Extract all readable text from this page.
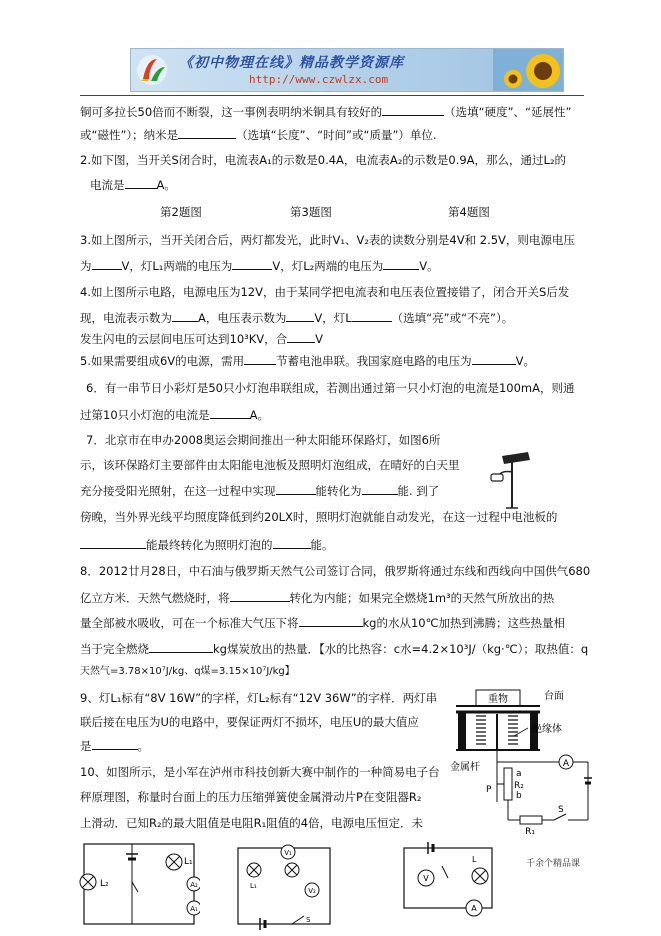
《初中物理在线》精品教学资源库
http://www.czwlzx.com
铜可多拉长50倍而不断裂，这一事例表明纳米铜具有较好的	（选填“硬度”、“延展性”
或“磁性”）；纳米是	（选填“长度”、“时间”或“质量”）单位.
2.如下图，当开关S闭合时，电流表A₁的示数是0.4A，电流表A₂的示数是0.9A，那么，通过L₂的
电流是	A。
第2题图	第3题图	第4题图
3.如上图所示，当开关闭合后，两灯都发光，此时V₁、V₂表的读数分别是4V和 2.5V，则电源电压
为	V，灯L₁两端的电压为	V，灯L₂两端的电压为	V。
4.如上图所示电路，电源电压为12V，由于某同学把电流表和电压表位置接错了，闭合开关S后发
现，电流表示数为 A，电压表示数为 V，灯L	（选填“亮”或“不亮”）。
发生闪电的云层间电压可达到10³KV，合 V
5.如果需要组成6V的电源，需用	节蓄电池串联。我国家庭电路的电压为	V。
6．有一串节日小彩灯是50只小灯泡串联组成，若测出通过第一只小灯泡的电流是100mA，则通
过第10只小灯泡的电流是	A。
7．北京市在申办2008奥运会期间推出一种太阳能环保路灯，如图6所
示，该环保路灯主要部件由太阳能电池板及照明灯泡组成，在晴好的白天里
充分接受阳光照射，在这一过程中实现	能转化为	能. 到了
傍晚，当外界光线平均照度降低到约20LX时，照明灯泡就能自动发光，在这一过程中电池板的
能最终转化为照明灯泡的	能。
8．2012廿月28日，中石油与俄罗斯天然气公司签订合同，俄罗斯将通过东线和西线向中国供气680
亿立方米．天然气燃烧时，将	转化为内能；如果完全燃烧1m³的天然气所放出的热
量全部被水吸收，可在一个标准大气压下将	kg的水从10℃加热到沸腾；这些热量相
当于完全燃烧	kg煤炭放出的热量．【水的比热容：c水=4.2×10³J/（kg·℃）；取热值：q
天然气=3.78×10⁷J/kg、q煤=3.15×10⁷J/kg】
9、灯L₁标有“8V 16W”的字样，灯L₂标有“12V 36W”的字样．两灯串
联后接在电压为U的电路中，要保证两灯不损坏，电压U的最大值应
是	。
10、如图所示，是小军在泸州市科技创新大赛中制作的一种简易电子台
秤原理图，称量时台面上的压力压缩弹簧使金属滑动片P在变阻器R₂
上滑动．已知R₂的最大阻值是电阻R₁阻值的4倍，电源电压恒定．未
重物	台面
绝缘体
金属杆	A
a
b
P	R₂
R₁
S
L₂
L₁
A₂
A₁
V₁
L₁
V₂
S
L
V
A
千余个精品课
